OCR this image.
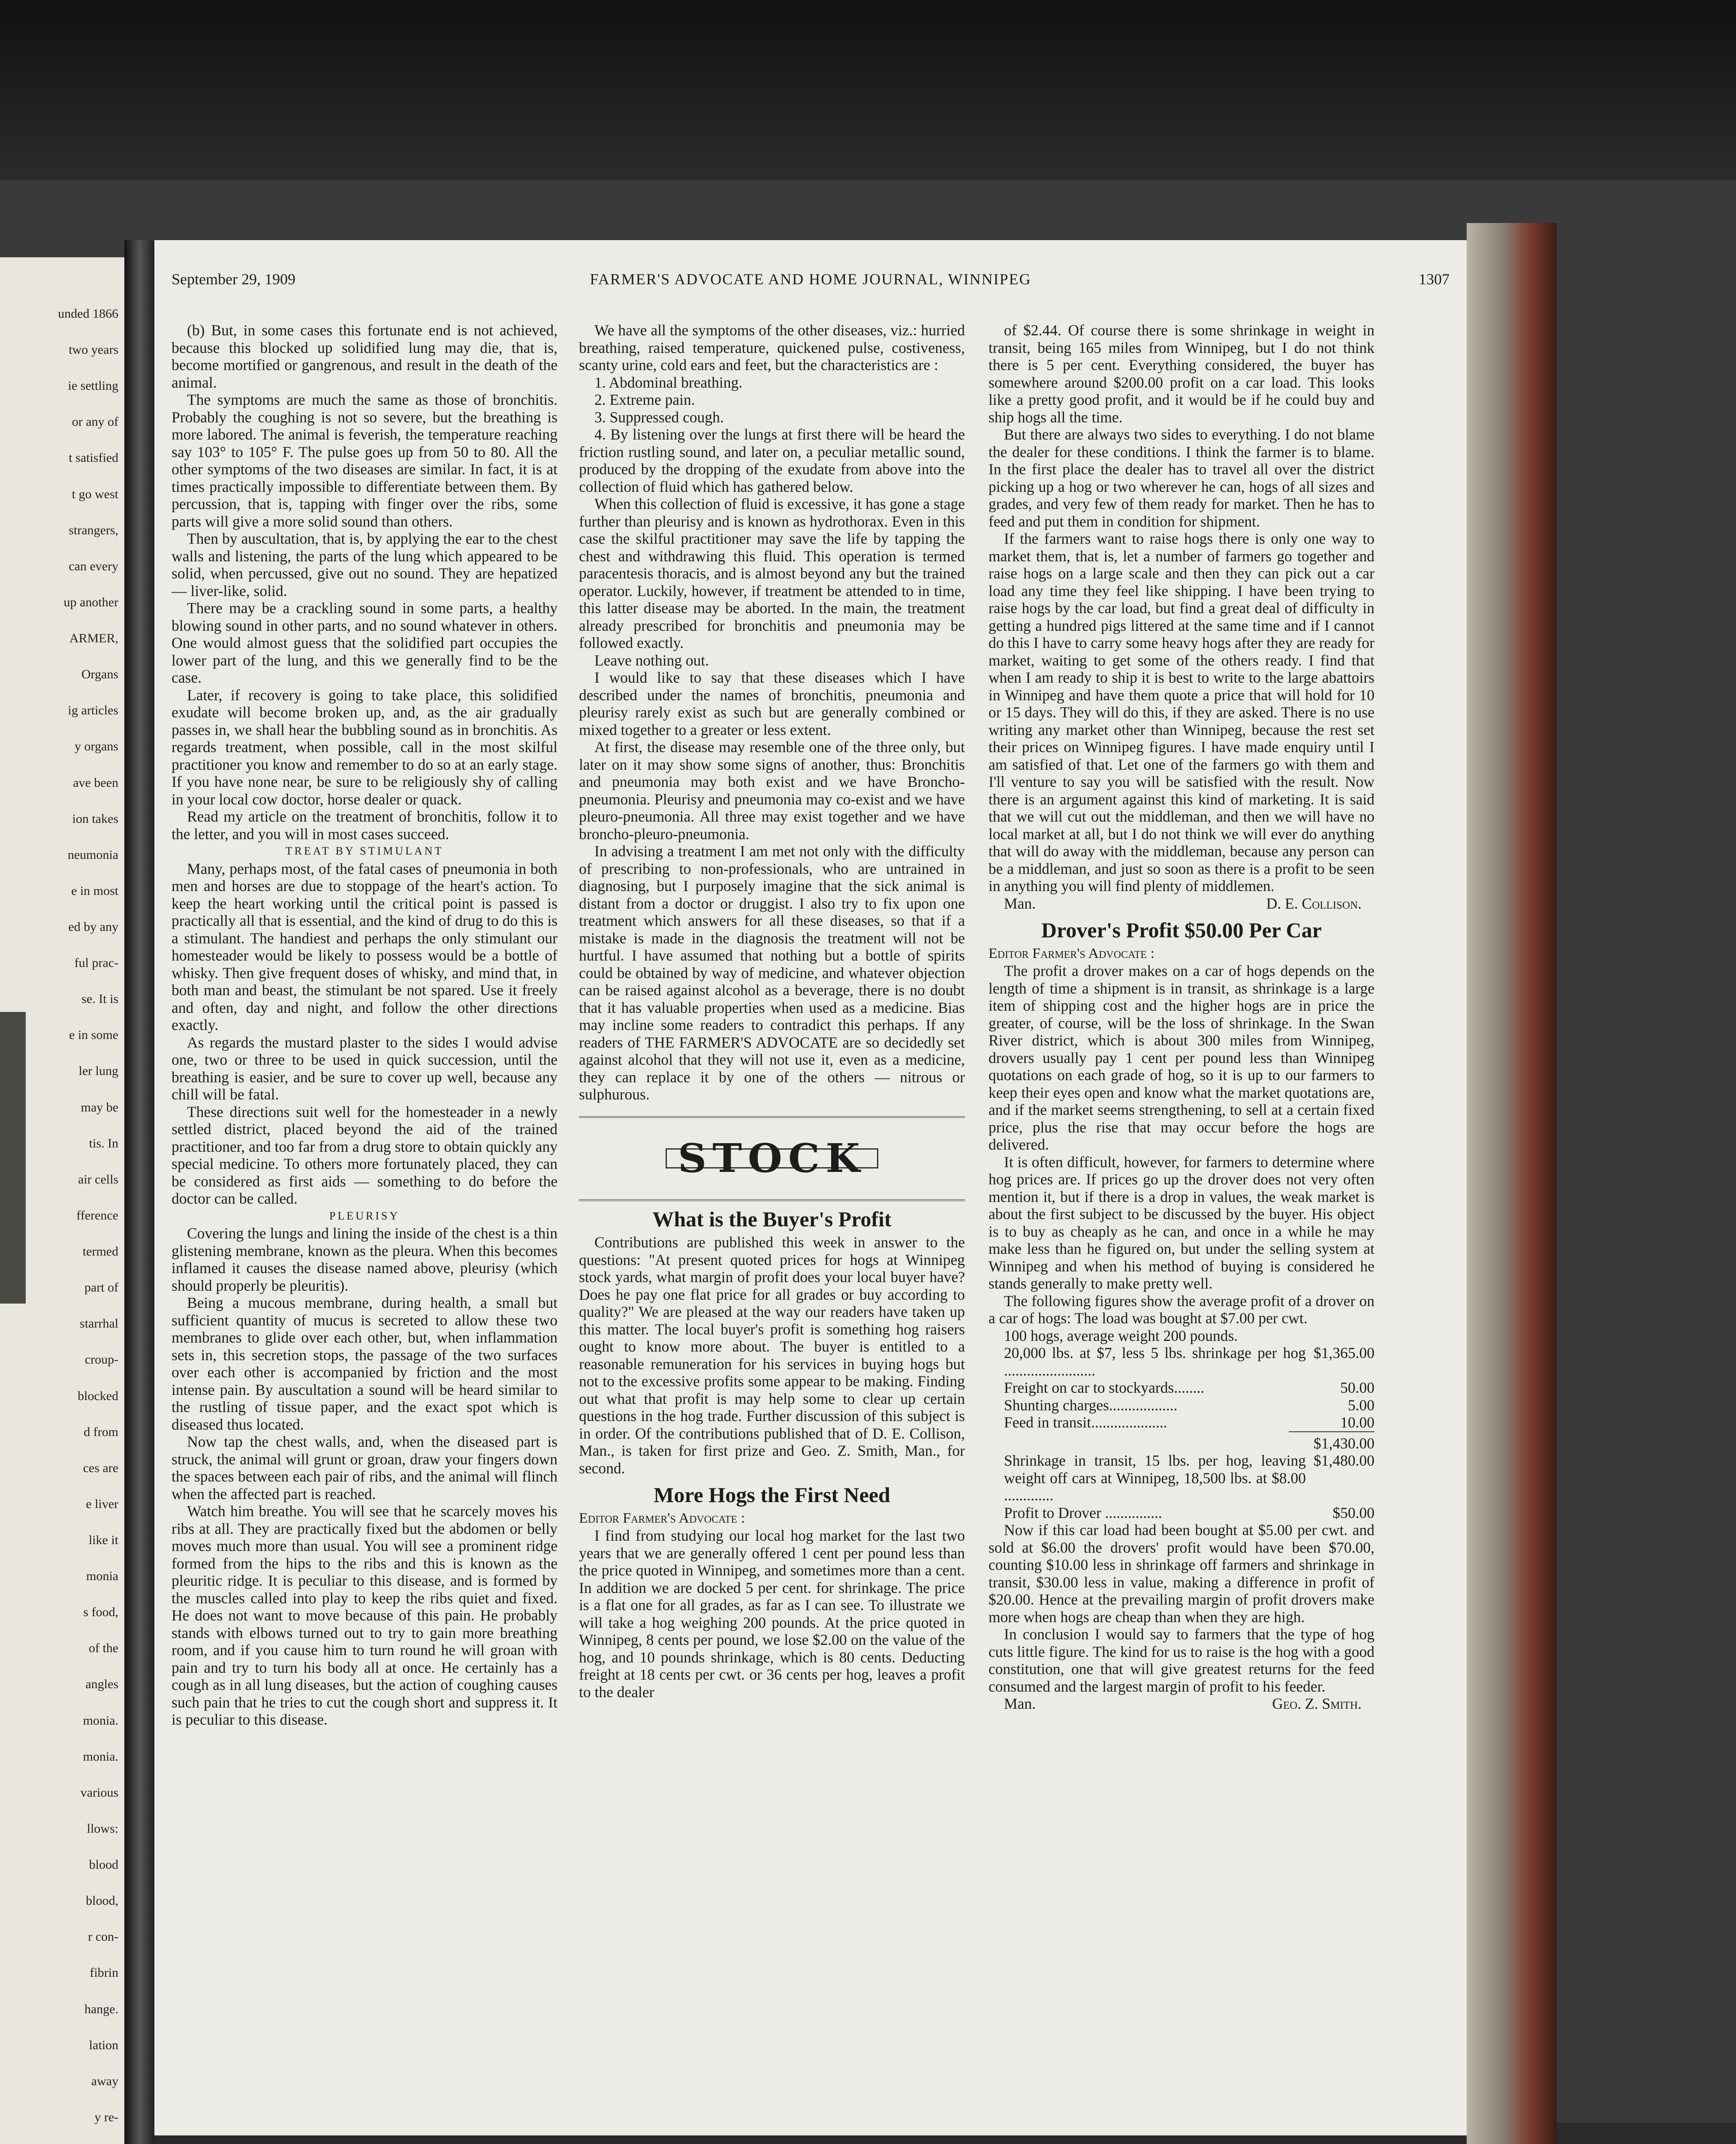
unded 1866
two years
ie settling
or any of
t satisfied
t go west
strangers,
can every
up another
ARMER,
Organs
ig articles
y organs
ave been
ion takes
neumonia
e in most
ed by any
ful prac-
se. It is
e in some
ler lung
may be
tis. In
air cells
fference
termed
part of
starrhal
croup-
blocked
d from
ces are
e liver
like it
monia
s food,
of the
angles
monia.
monia.
various
llows:
blood
blood,
r con-
fibrin
hange.
lation
away
y re-
FARMER'S ADVOCATE AND HOME JOURNAL, WINNIPEG
September 29, 1909	1307

(b) But, in some cases this fortunate end is not achieved, because this blocked up solidified lung may die, that is, become mortified or gangrenous, and result in the death of the animal.

The symptoms are much the same as those of bronchitis. Probably the coughing is not so severe, but the breathing is more labored. The animal is feverish, the temperature reaching say 103° to 105° F. The pulse goes up from 50 to 80. All the other symptoms of the two diseases are similar. In fact, it is at times practically impossible to differentiate between them. By percussion, that is, tapping with finger over the ribs, some parts will give a more solid sound than others.

Then by auscultation, that is, by applying the ear to the chest walls and listening, the parts of the lung which appeared to be solid, when percussed, give out no sound. They are hepatized — liver-like, solid.

There may be a crackling sound in some parts, a healthy blowing sound in other parts, and no sound whatever in others. One would almost guess that the solidified part occupies the lower part of the lung, and this we generally find to be the case.

Later, if recovery is going to take place, this solidified exudate will become broken up, and, as the air gradually passes in, we shall hear the bubbling sound as in bronchitis. As regards treatment, when possible, call in the most skilful practitioner you know and remember to do so at an early stage. If you have none near, be sure to be religiously shy of calling in your local cow doctor, horse dealer or quack.

Read my article on the treatment of bronchitis, follow it to the letter, and you will in most cases succeed.

TREAT BY STIMULANT

Many, perhaps most, of the fatal cases of pneumonia in both men and horses are due to stoppage of the heart's action. To keep the heart working until the critical point is passed is practically all that is essential, and the kind of drug to do this is a stimulant. The handiest and perhaps the only stimulant our homesteader would be likely to possess would be a bottle of whisky. Then give frequent doses of whisky, and mind that, in both man and beast, the stimulant be not spared. Use it freely and often, day and night, and follow the other directions exactly.

As regards the mustard plaster to the sides I would advise one, two or three to be used in quick succession, until the breathing is easier, and be sure to cover up well, because any chill will be fatal.

These directions suit well for the homesteader in a newly settled district, placed beyond the aid of the trained practitioner, and too far from a drug store to obtain quickly any special medicine. To others more fortunately placed, they can be considered as first aids — something to do before the doctor can be called.

PLEURISY

Covering the lungs and lining the inside of the chest is a thin glistening membrane, known as the pleura. When this becomes inflamed it causes the disease named above, pleurisy (which should properly be pleuritis).

Being a mucous membrane, during health, a small but sufficient quantity of mucus is secreted to allow these two membranes to glide over each other, but, when inflammation sets in, this secretion stops, the passage of the two surfaces over each other is accompanied by friction and the most intense pain. By auscultation a sound will be heard similar to the rustling of tissue paper, and the exact spot which is diseased thus located.

Now tap the chest walls, and, when the diseased part is struck, the animal will grunt or groan, draw your fingers down the spaces between each pair of ribs, and the animal will flinch when the affected part is reached.

Watch him breathe. You will see that he scarcely moves his ribs at all. They are practically fixed but the abdomen or belly moves much more than usual. You will see a prominent ridge formed from the hips to the ribs and this is known as the pleuritic ridge. It is peculiar to this disease, and is formed by the muscles called into play to keep the ribs quiet and fixed. He does not want to move because of this pain. He probably stands with elbows turned out to try to gain more breathing room, and if you cause him to turn round he will groan with pain and try to turn his body all at once. He certainly has a cough as in all lung diseases, but the action of coughing causes such pain that he tries to cut the cough short and suppress it. It is peculiar to this disease.

We have all the symptoms of the other diseases, viz.: hurried breathing, raised temperature, quickened pulse, costiveness, scanty urine, cold ears and feet, but the characteristics are :

1. Abdominal breathing.

2. Extreme pain.

3. Suppressed cough.

4. By listening over the lungs at first there will be heard the friction rustling sound, and later on, a peculiar metallic sound, produced by the dropping of the exudate from above into the collection of fluid which has gathered below.

When this collection of fluid is excessive, it has gone a stage further than pleurisy and is known as hydrothorax. Even in this case the skilful practitioner may save the life by tapping the chest and withdrawing this fluid. This operation is termed paracentesis thoracis, and is almost beyond any but the trained operator. Luckily, however, if treatment be attended to in time, this latter disease may be aborted. In the main, the treatment already prescribed for bronchitis and pneumonia may be followed exactly.

Leave nothing out.

I would like to say that these diseases which I have described under the names of bronchitis, pneumonia and pleurisy rarely exist as such but are generally combined or mixed together to a greater or less extent.

At first, the disease may resemble one of the three only, but later on it may show some signs of another, thus: Bronchitis and pneumonia may both exist and we have Broncho-pneumonia. Pleurisy and pneumonia may co-exist and we have pleuro-pneumonia. All three may exist together and we have broncho-pleuro-pneumonia.

In advising a treatment I am met not only with the difficulty of prescribing to non-professionals, who are untrained in diagnosing, but I purposely imagine that the sick animal is distant from a doctor or druggist. I also try to fix upon one treatment which answers for all these diseases, so that if a mistake is made in the diagnosis the treatment will not be hurtful. I have assumed that nothing but a bottle of spirits could be obtained by way of medicine, and whatever objection can be raised against alcohol as a beverage, there is no doubt that it has valuable properties when used as a medicine. Bias may incline some readers to contradict this perhaps. If any readers of THE FARMER'S ADVOCATE are so decidedly set against alcohol that they will not use it, even as a medicine, they can replace it by one of the others — nitrous or sulphurous.

STOCK
What is the Buyer's Profit

Contributions are published this week in answer to the questions: "At present quoted prices for hogs at Winnipeg stock yards, what margin of profit does your local buyer have? Does he pay one flat price for all grades or buy according to quality?" We are pleased at the way our readers have taken up this matter. The local buyer's profit is something hog raisers ought to know more about. The buyer is entitled to a reasonable remuneration for his services in buying hogs but not to the excessive profits some appear to be making. Finding out what that profit is may help some to clear up certain questions in the hog trade. Further discussion of this subject is in order. Of the contributions published that of D. E. Collison, Man., is taken for first prize and Geo. Z. Smith, Man., for second.

More Hogs the First Need

Editor Farmer's Advocate :

I find from studying our local hog market for the last two years that we are generally offered 1 cent per pound less than the price quoted in Winnipeg, and sometimes more than a cent. In addition we are docked 5 per cent. for shrinkage. The price is a flat one for all grades, as far as I can see. To illustrate we will take a hog weighing 200 pounds. At the price quoted in Winnipeg, 8 cents per pound, we lose $2.00 on the value of the hog, and 10 pounds shrinkage, which is 80 cents. Deducting freight at 18 cents per cwt. or 36 cents per hog, leaves a profit to the dealer

of $2.44. Of course there is some shrinkage in weight in transit, being 165 miles from Winnipeg, but I do not think there is 5 per cent. Everything considered, the buyer has somewhere around $200.00 profit on a car load. This looks like a pretty good profit, and it would be if he could buy and ship hogs all the time.

But there are always two sides to everything. I do not blame the dealer for these conditions. I think the farmer is to blame. In the first place the dealer has to travel all over the district picking up a hog or two wherever he can, hogs of all sizes and grades, and very few of them ready for market. Then he has to feed and put them in condition for shipment.

If the farmers want to raise hogs there is only one way to market them, that is, let a number of farmers go together and raise hogs on a large scale and then they can pick out a car load any time they feel like shipping. I have been trying to raise hogs by the car load, but find a great deal of difficulty in getting a hundred pigs littered at the same time and if I cannot do this I have to carry some heavy hogs after they are ready for market, waiting to get some of the others ready. I find that when I am ready to ship it is best to write to the large abattoirs in Winnipeg and have them quote a price that will hold for 10 or 15 days. They will do this, if they are asked. There is no use writing any market other than Winnipeg, because the rest set their prices on Winnipeg figures. I have made enquiry until I am satisfied of that. Let one of the farmers go with them and I'll venture to say you will be satisfied with the result. Now there is an argument against this kind of marketing. It is said that we will cut out the middleman, and then we will have no local market at all, but I do not think we will ever do anything that will do away with the middleman, because any person can be a middleman, and just so soon as there is a profit to be seen in anything you will find plenty of middlemen.

Man.	D. E. Collison.
Drover's Profit $50.00 Per Car

Editor Farmer's Advocate :

The profit a drover makes on a car of hogs depends on the length of time a shipment is in transit, as shrinkage is a large item of shipping cost and the higher hogs are in price the greater, of course, will be the loss of shrinkage. In the Swan River district, which is about 300 miles from Winnipeg, drovers usually pay 1 cent per pound less than Winnipeg quotations on each grade of hog, so it is up to our farmers to keep their eyes open and know what the market quotations are, and if the market seems strengthening, to sell at a certain fixed price, plus the rise that may occur before the hogs are delivered.

It is often difficult, however, for farmers to determine where hog prices are. If prices go up the drover does not very often mention it, but if there is a drop in values, the weak market is about the first subject to be discussed by the buyer. His object is to buy as cheaply as he can, and once in a while he may make less than he figured on, but under the selling system at Winnipeg and when his method of buying is considered he stands generally to make pretty well.

The following figures show the average profit of a drover on a car of hogs: The load was bought at $7.00 per cwt.

100 hogs, average weight 200 pounds.
20,000 lbs. at $7, less 5 lbs. shrinkage per hog ........................
$1,365.00
Freight on car to stockyards........	50.00
Shunting charges..................	5.00
Feed in transit....................	10.00
$1,430.00
Shrinkage in transit, 15 lbs. per hog, leaving weight off cars at Winnipeg, 18,500 lbs. at $8.00 .............
$1,480.00
Profit to Drover ...............	$50.00

Now if this car load had been bought at $5.00 per cwt. and sold at $6.00 the drovers' profit would have been $70.00, counting $10.00 less in shrinkage off farmers and shrinkage in transit, $30.00 less in value, making a difference in profit of $20.00. Hence at the prevailing margin of profit drovers make more when hogs are cheap than when they are high.

In conclusion I would say to farmers that the type of hog cuts little figure. The kind for us to raise is the hog with a good constitution, one that will give greatest returns for the feed consumed and the largest margin of profit to his feeder.

Man.	Geo. Z. Smith.
